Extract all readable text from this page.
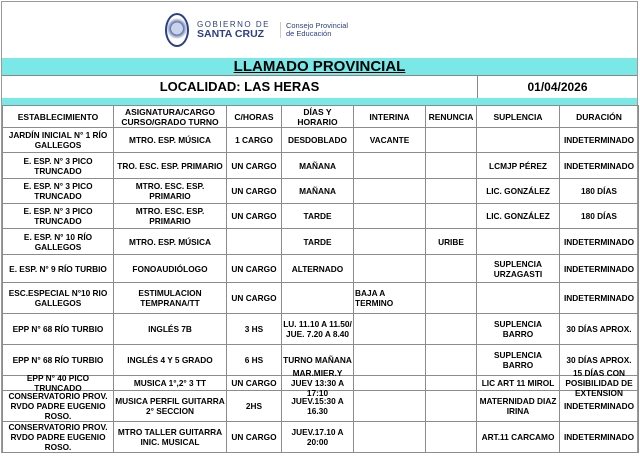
GOBIERNO DE
SANTA CRUZ
Consejo Provincial
de Educación
LLAMADO PROVINCIAL
LOCALIDAD: LAS HERAS	01/04/2026
ESTABLECIMIENTO	ASIGNATURA/CARGO CURSO/GRADO TURNO	C/HORAS	DÍAS Y HORARIO	INTERINA	RENUNCIA	SUPLENCIA	DURACIÓN

JARDÍN INICIAL N° 1 RÍO GALLEGOS	MTRO. ESP. MÚSICA	1 CARGO	DESDOBLADO	VACANTE			INDETERMINADO

E. ESP. N° 3 PICO TRUNCADO	TRO. ESC. ESP. PRIMARIO	UN CARGO	MAÑANA			LCMJP PÉREZ	INDETERMINADO

E. ESP. N° 3 PICO TRUNCADO	MTRO. ESC. ESP. PRIMARIO	UN CARGO	MAÑANA			LIC. GONZÁLEZ	180 DÍAS

E. ESP. N° 3 PICO TRUNCADO	MTRO. ESC. ESP. PRIMARIO	UN CARGO	TARDE			LIC. GONZÁLEZ	180 DÍAS

E. ESP. N° 10 RÍO GALLEGOS	MTRO. ESP. MÚSICA		TARDE		URIBE		INDETERMINADO

E. ESP. N° 9 RÍO TURBIO	FONOAUDIÓLOGO	UN CARGO	ALTERNADO			SUPLENCIA URZAGASTI	INDETERMINADO

ESC.ESPECIAL N°10 RIO GALLEGOS	ESTIMULACION TEMPRANA/TT	UN CARGO		BAJA A TERMINO			INDETERMINADO

EPP N° 68 RÍO TURBIO	INGLÉS 7B	3 HS	LU. 11.10 A 11.50/ JUE. 7.20 A 8.40			SUPLENCIA BARRO	30 DÍAS APROX.

EPP N° 68 RÍO TURBIO	INGLÉS 4 Y 5 GRADO	6 HS	TURNO MAÑANA			SUPLENCIA BARRO	30 DÍAS APROX.

EPP N° 40 PICO TRUNCADO	MUSICA 1°,2° 3 TT	UN CARGO	MAR.MIER.Y JUEV 13:30 A 17:10			LIC ART 11 MIROL	15 DÍAS CON POSIBILIDAD DE EXTENSION

CONSERVATORIO PROV. RVDO PADRE EUGENIO ROSO.	MUSICA PERFIL GUITARRA 2° SECCION	2HS	JUEV.15:30 A 16.30			MATERNIDAD DIAZ IRINA	INDETERMINADO

CONSERVATORIO PROV. RVDO PADRE EUGENIO ROSO.	MTRO TALLER GUITARRA INIC. MUSICAL	UN CARGO	JUEV.17.10 A 20:00			ART.11 CARCAMO	INDETERMINADO
